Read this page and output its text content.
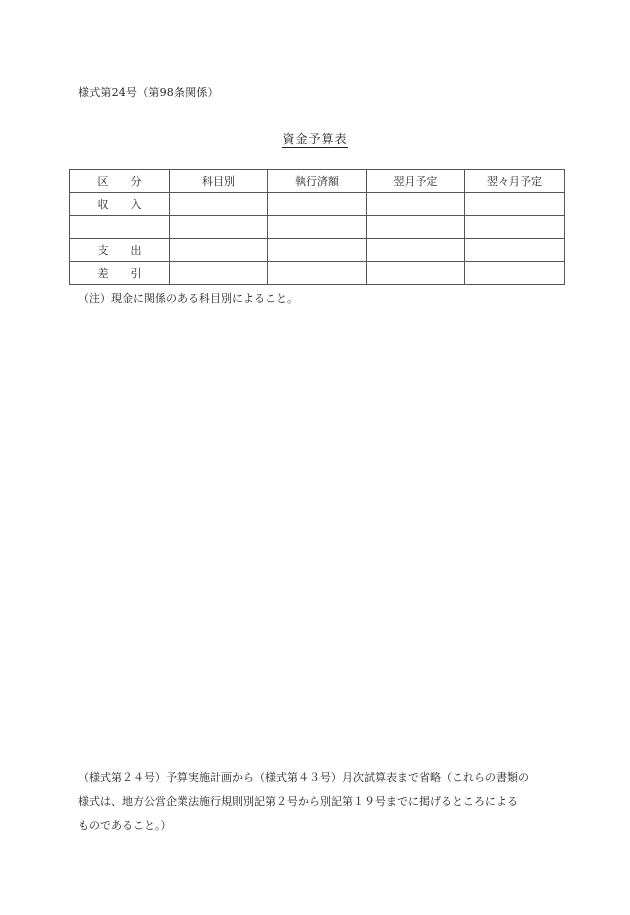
様式第24号（第98条関係）
資金予算表
区　　分	科目別	執行済額	翌月予定	翌々月予定
収　　入				

支　　出				
差　　引				
（注）現金に関係のある科目別によること。
（様式第２４号）予算実施計画から（様式第４３号）月次試算表まで省略（これらの書類の
様式は、地方公営企業法施行規則別記第２号から別記第１９号までに掲げるところによる
ものであること。）
